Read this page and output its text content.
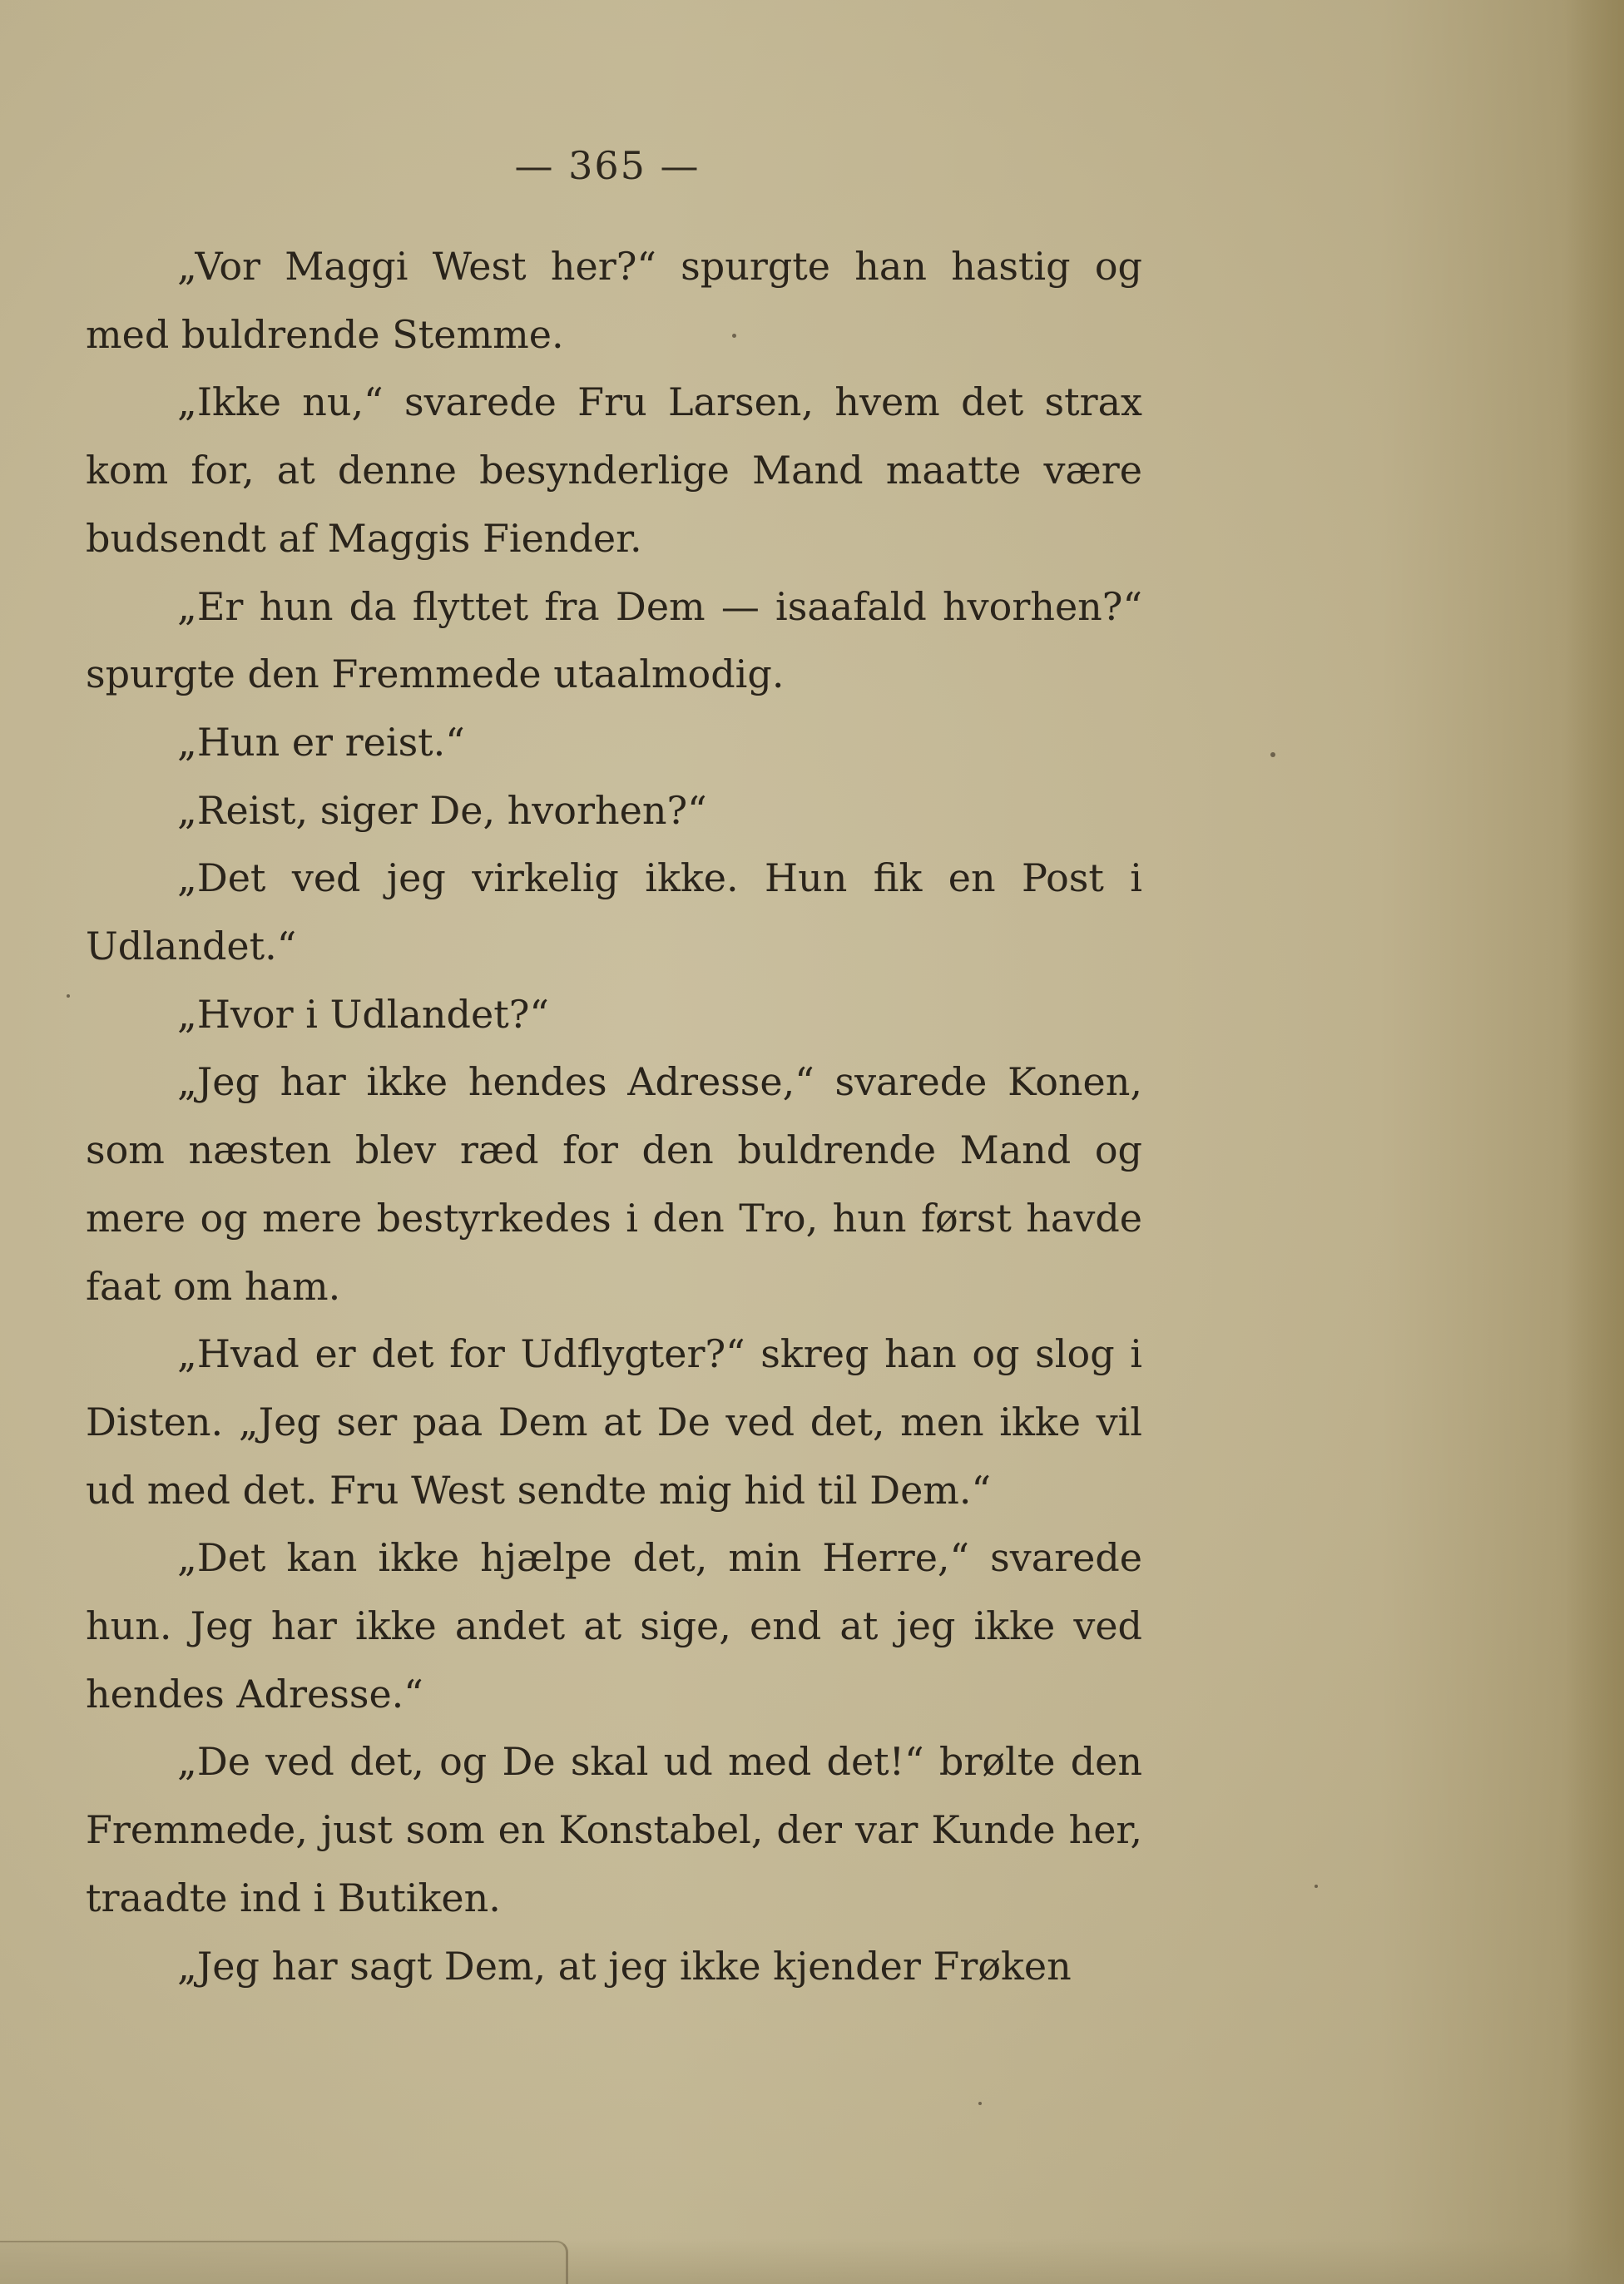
— 365 —

„Vor Maggi West her?“ spurgte han hastig og med buldrende Stemme.

„Ikke nu,“ svarede Fru Larsen, hvem det strax kom for, at denne besynderlige Mand maatte være budsendt af Maggis Fiender.

„Er hun da flyttet fra Dem — isaafald hvorhen?“ spurgte den Fremmede utaalmodig.

„Hun er reist.“

„Reist, siger De, hvorhen?“

„Det ved jeg virkelig ikke. Hun fik en Post i Udlandet.“

„Hvor i Udlandet?“

„Jeg har ikke hendes Adresse,“ svarede Konen, som næsten blev ræd for den buldrende Mand og mere og mere bestyrkedes i den Tro, hun først havde faat om ham.

„Hvad er det for Udflygter?“ skreg han og slog i Disten. „Jeg ser paa Dem at De ved det, men ikke vil ud med det. Fru West sendte mig hid til Dem.“

„Det kan ikke hjælpe det, min Herre,“ svarede hun. Jeg har ikke andet at sige, end at jeg ikke ved hendes Adresse.“

„De ved det, og De skal ud med det!“ brølte den Fremmede, just som en Konstabel, der var Kunde her, traadte ind i Butiken.

„Jeg har sagt Dem, at jeg ikke kjender Frøken
